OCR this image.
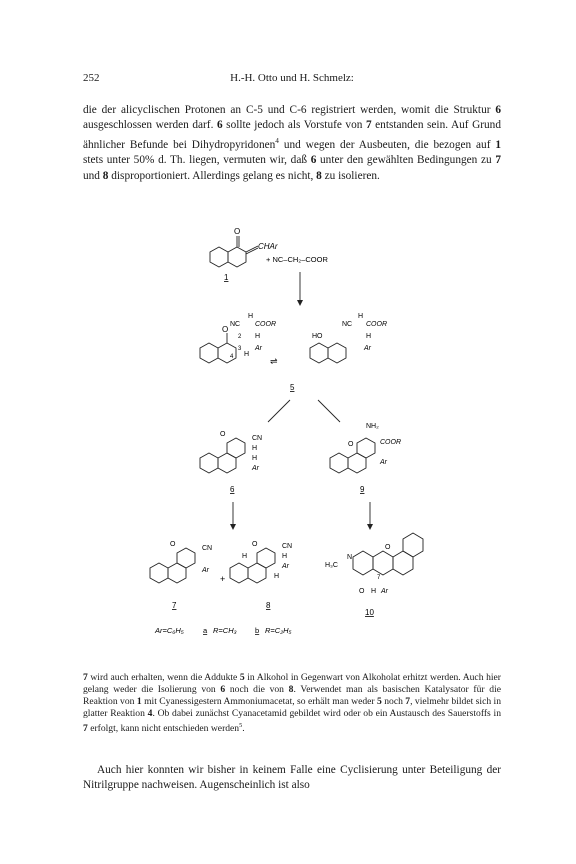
252	H.-H. Otto und H. Schmelz:

die der alicyclischen Protonen an C-5 und C-6 registriert werden, womit die Struktur 6 ausgeschlossen werden darf. 6 sollte jedoch als Vorstufe von 7 entstanden sein. Auf Grund ähnlicher Befunde bei Dihydropyridonen$^4$ und wegen der Ausbeuten, die bezogen auf 1 stets unter 50% d. Th. liegen, vermuten wir, daß 6 unter den gewählten Bedingungen zu 7 und 8 disproportioniert. Allerdings gelang es nicht, 8 zu isolieren.

O
CHAr
+ NC–CH₂–COOR
1
O
NC COOR
H
H
Ar
H
2
3
4	⇌
HO
NC COOR
H
H
Ar
5
O
CN
H
H
Ar
6
NH₂
O	COOR
Ar
9
O
CN
Ar
+
7
O	CN
H
Ar
H
H
8
H₃C
N
O
O H Ar
7
10
Ar=C₆H₅	a R=CH₃ b R=C₂H₅

7 wird auch erhalten, wenn die Addukte 5 in Alkohol in Gegenwart von Alkoholat erhitzt werden. Auch hier gelang weder die Isolierung von 6 noch die von 8. Verwendet man als basischen Katalysator für die Reaktion von 1 mit Cyanessigestern Ammoniumacetat, so erhält man weder 5 noch 7, vielmehr bildet sich in glatter Reaktion 4. Ob dabei zunächst Cyanacetamid gebildet wird oder ob ein Austausch des Sauerstoffs in 7 erfolgt, kann nicht entschieden werden$^5$.

Auch hier konnten wir bisher in keinem Falle eine Cyclisierung unter Beteiligung der Nitrilgruppe nachweisen. Augenscheinlich ist also
